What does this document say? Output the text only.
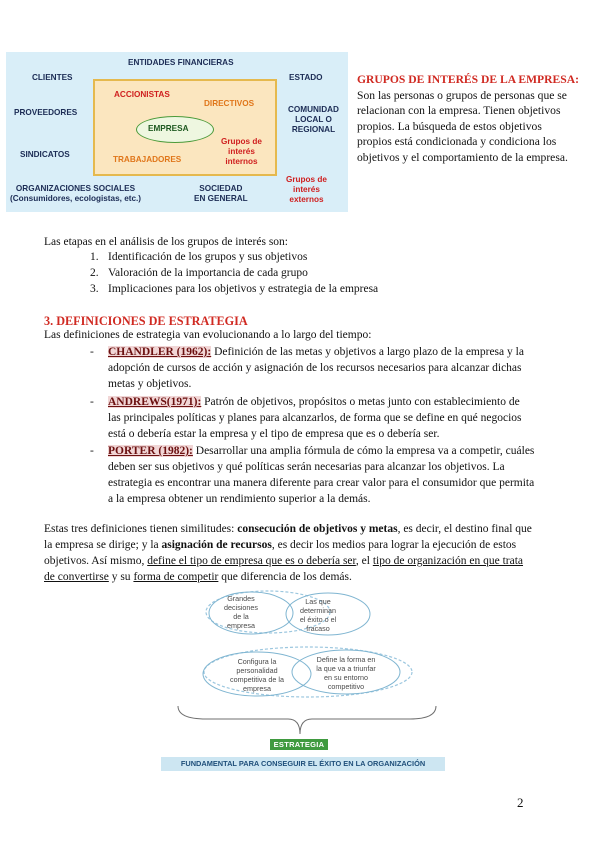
ENTIDADES FINANCIERAS
CLIENTES	ESTADO
ACCIONISTAS
DIRECTIVOS
PROVEEDORES	COMUNIDAD
LOCAL O
REGIONAL
EMPRESA
Grupos de
interés
internos
SINDICATOS
TRABAJADORES
Grupos de
interés
externos
ORGANIZACIONES SOCIALES
(Consumidores, ecologistas, etc.)
SOCIEDAD
EN GENERAL
GRUPOS DE INTERÉS DE LA EMPRESA: Son las personas o grupos de personas que se relacionan con la empresa. Tienen objetivos propios. La búsqueda de estos objetivos propios está condicionada y condiciona los objetivos y el comportamiento de la empresa.
Las etapas en el análisis de los grupos de interés son:
1. Identificación de los grupos y sus objetivos
2. Valoración de la importancia de cada grupo
3. Implicaciones para los objetivos y estrategia de la empresa
3. DEFINICIONES DE ESTRATEGIA
Las definiciones de estrategia van evolucionando a lo largo del tiempo:
- CHANDLER (1962): Definición de las metas y objetivos a largo plazo de la empresa y la
adopción de cursos de acción y asignación de los recursos necesarios para alcanzar dichas
metas y objetivos.
- ANDREWS(1971): Patrón de objetivos, propósitos o metas junto con establecimiento de
las principales políticas y planes para alcanzarlos, de forma que se define en qué negocios
está o debería estar la empresa y el tipo de empresa que es o debería ser.
- PORTER (1982): Desarrollar una amplia fórmula de cómo la empresa va a competir, cuáles
deben ser sus objetivos y qué políticas serán necesarias para alcanzar los objetivos. La
estrategia es encontrar una manera diferente para crear valor para el consumidor que permita
a la empresa obtener un rendimiento superior a la demás.
Estas tres definiciones tienen similitudes: consecución de objetivos y metas, es decir, el destino final que
la empresa se dirige; y la asignación de recursos, es decir los medios para lograr la ejecución de estos
objetivos. Así mismo, define el tipo de empresa que es o debería ser, el tipo de organización en que trata
de convertirse y su forma de competir que diferencia de los demás.
Grandes
decisiones
de la
empresa
Las que
determinan
el éxito o el
fracaso
Configura la
personalidad
competitiva de la
empresa
Define la forma en
la que va a triunfar
en su entorno
competitivo
ESTRATEGIA
FUNDAMENTAL PARA CONSEGUIR EL ÉXITO EN LA ORGANIZACIÓN
2
